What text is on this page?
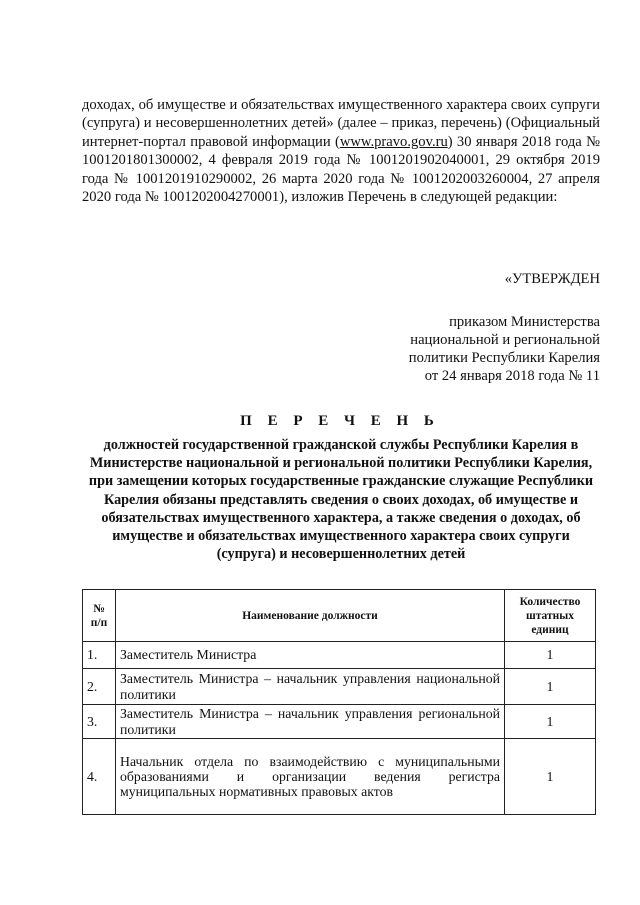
доходах, об имуществе и обязательствах имущественного характера своих супруги (супруга) и несовершеннолетних детей» (далее – приказ, перечень) (Официальный интернет-портал правовой информации (www.pravo.gov.ru) 30 января 2018 года № 1001201801300002, 4 февраля 2019 года № 1001201902040001, 29 октября 2019 года № 1001201910290002, 26 марта 2020 года № 1001202003260004, 27 апреля 2020 года № 1001202004270001), изложив Перечень в следующей редакции:

«УТВЕРЖДЕН
приказом Министерства
национальной и региональной
политики Республики Карелия
от 24 января 2018 года № 11
П Е Р Е Ч Е Н Ь
должностей государственной гражданской службы Республики Карелия в Министерстве национальной и региональной политики Республики Карелия, при замещении которых государственные гражданские служащие Республики Карелия обязаны представлять сведения о своих доходах, об имуществе и обязательствах имущественного характера, а также сведения о доходах, об имуществе и обязательствах имущественного характера своих супруги (супруга) и несовершеннолетних детей
№ п/п	Наименование должности	Количество штатных единиц
1.	Заместитель Министра	1
2.	Заместитель Министра – начальник управления национальной политики	1
3.	Заместитель Министра – начальник управления региональной политики	1
4.	Начальник отдела по взаимодействию с муниципальными образованиями и организации ведения регистра муниципальных нормативных правовых актов	1
